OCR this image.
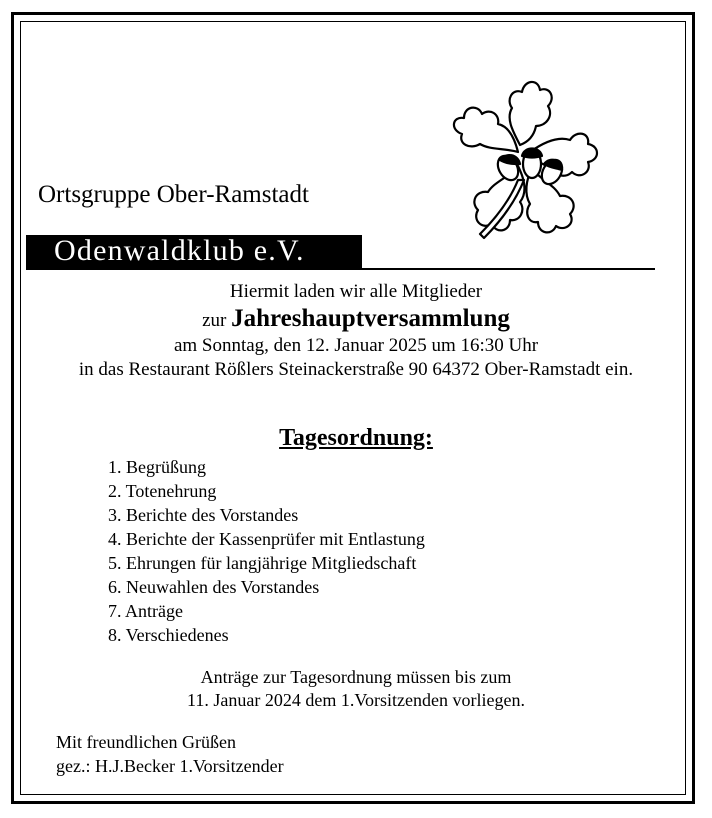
Ortsgruppe Ober-Ramstadt
Odenwaldklub e.V.
Hiermit laden wir alle Mitglieder
zur Jahreshauptversammlung
am Sonntag, den 12. Januar 2025 um 16:30 Uhr
in das Restaurant Rößlers Steinackerstraße 90 64372 Ober-Ramstadt ein.
Tagesordnung:
1. Begrüßung
2. Totenehrung
3. Berichte des Vorstandes
4. Berichte der Kassenprüfer mit Entlastung
5. Ehrungen für langjährige Mitgliedschaft
6. Neuwahlen des Vorstandes
7. Anträge
8. Verschiedenes
Anträge zur Tagesordnung müssen bis zum
11. Januar 2024 dem 1.Vorsitzenden vorliegen.
Mit freundlichen Grüßen
gez.: H.J.Becker 1.Vorsitzender
